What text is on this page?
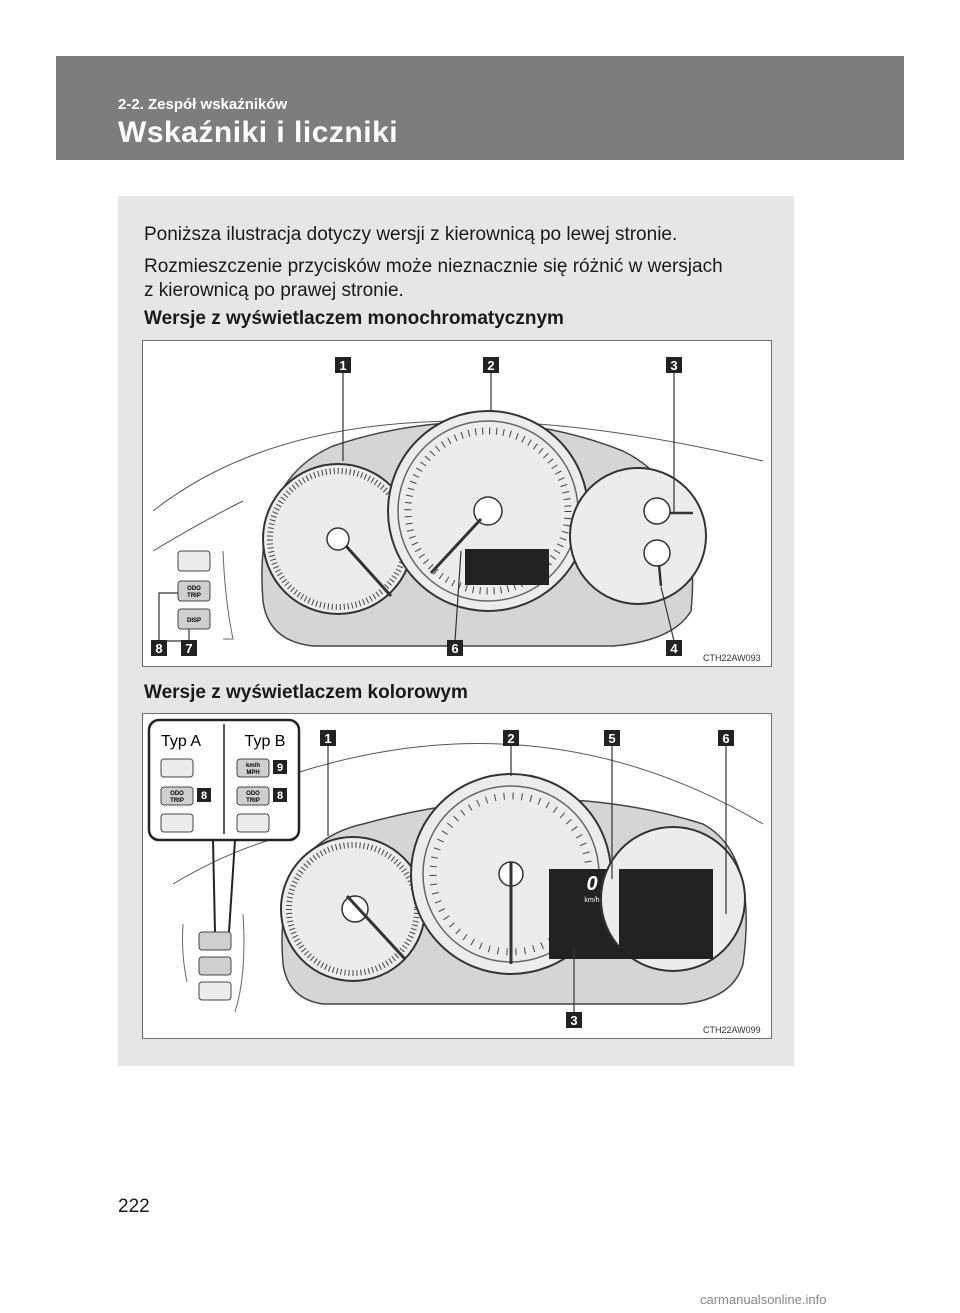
2-2. Zespół wskaźników
Wskaźniki i liczniki
Poniższa ilustracja dotyczy wersji z kierownicą po lewej stronie.
Rozmieszczenie przycisków może nieznacznie się różnić w wersjach
z kierownicą po prawej stronie.
Wersje z wyświetlaczem monochromatycznym
ODO
TRIP
DISP
1	2	3
4
6
7
8
CTH22AW093
Wersje z wyświetlaczem kolorowym
0
km/h
Typ A	Typ B
ODO
TRIP
km/h
MPH
ODO
TRIP
9
8	8
1	2	5	6
3
CTH22AW099
222
carmanualsonline.info
